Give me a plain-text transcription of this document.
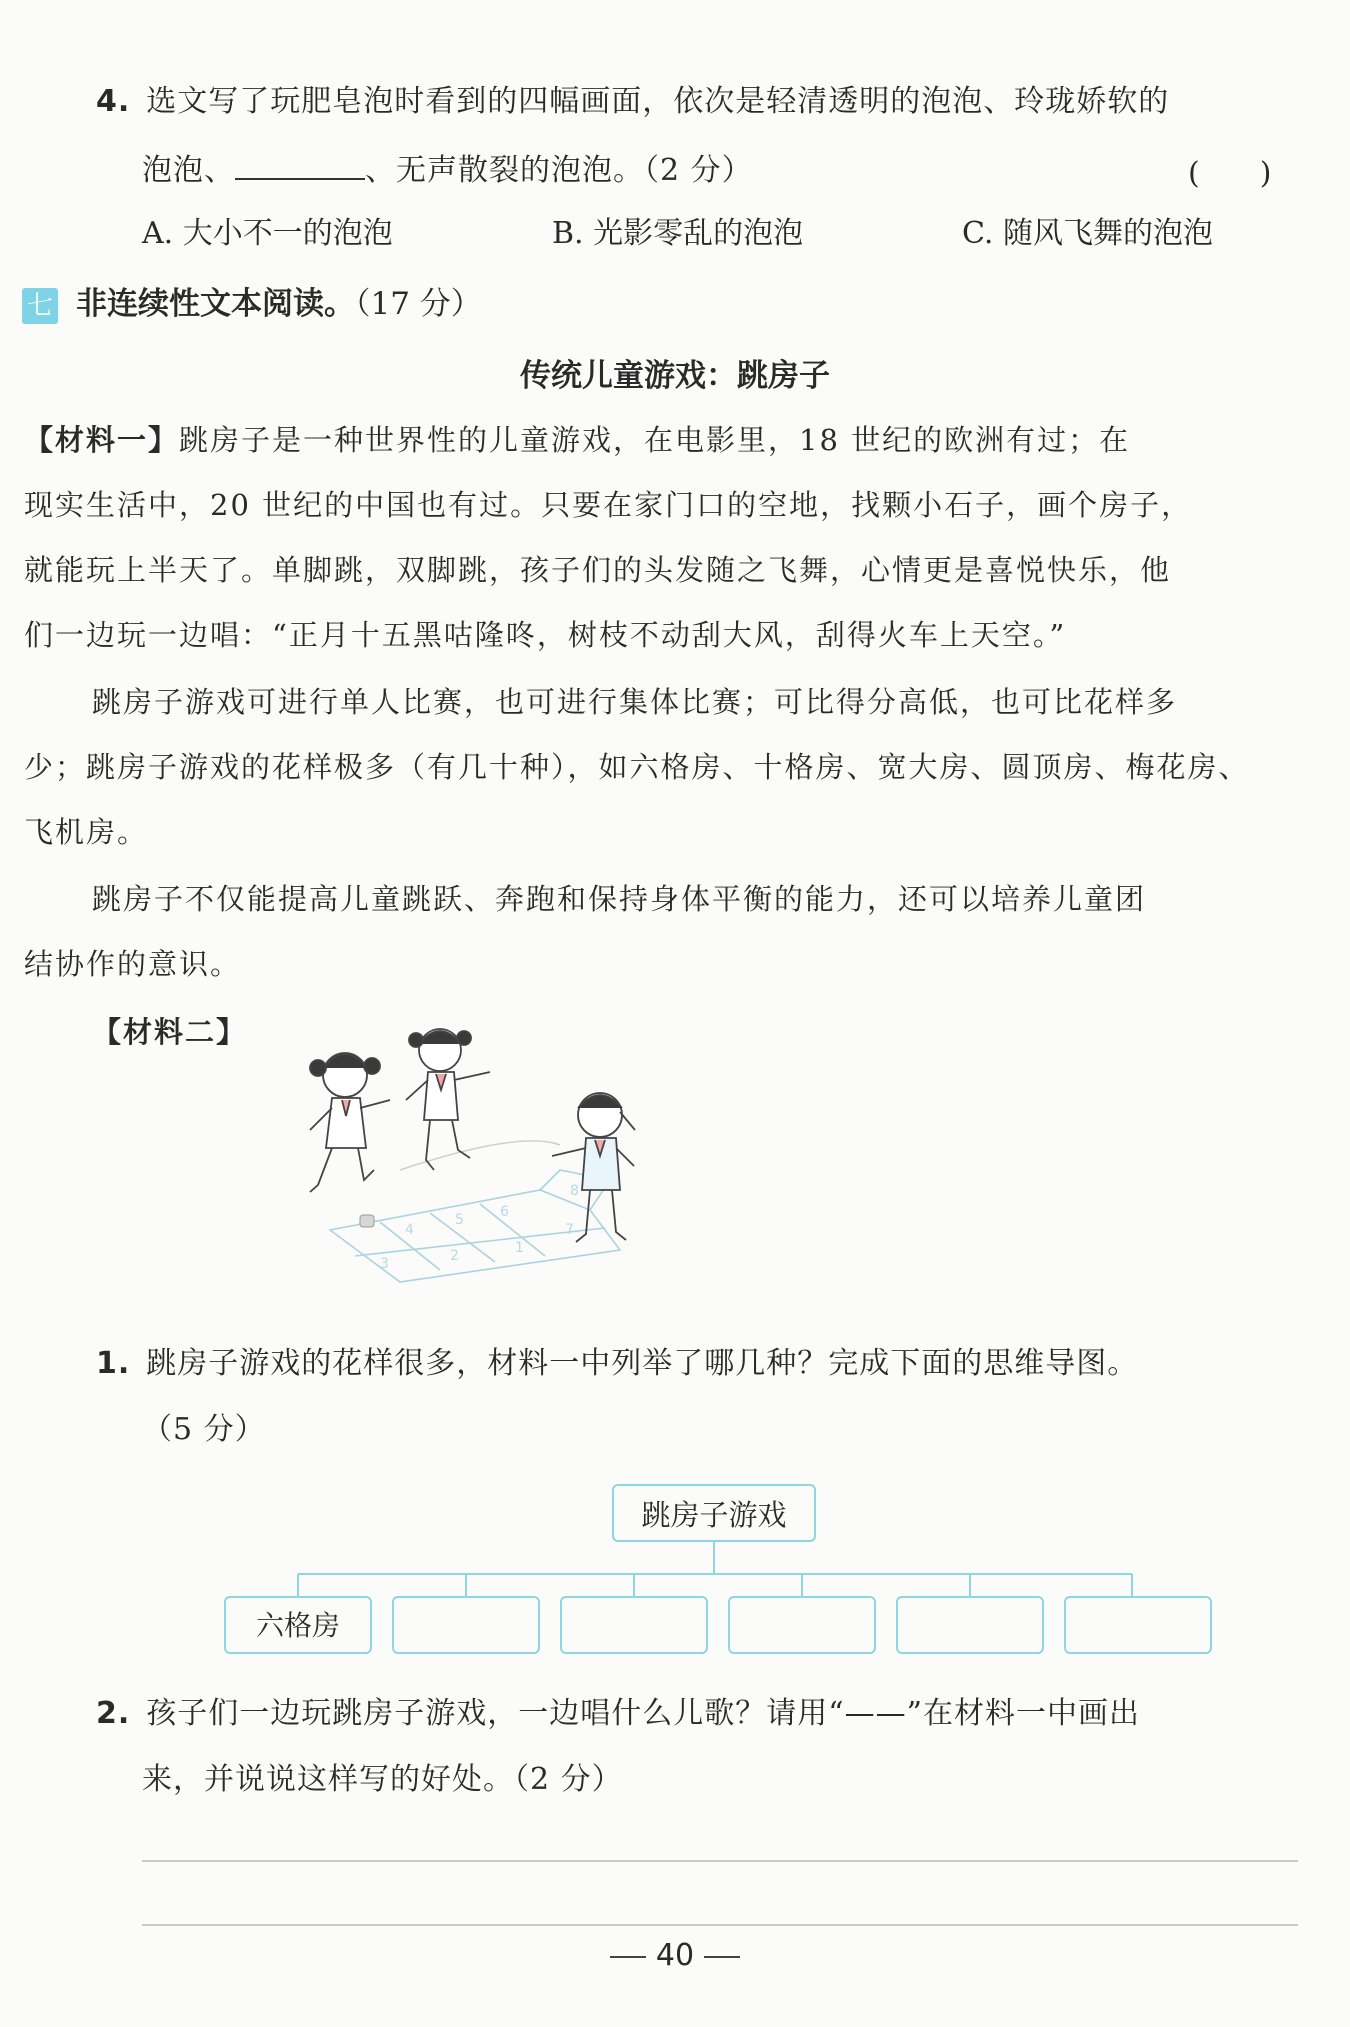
4. 选文写了玩肥皂泡时看到的四幅画面，依次是轻清透明的泡泡、玲珑娇软的
泡泡、	、无声散裂的泡泡。（2 分）	(　　)
A. 大小不一的泡泡	B. 光影零乱的泡泡	C. 随风飞舞的泡泡
七 非连续性文本阅读。（17 分）
传统儿童游戏：跳房子
【材料一】跳房子是一种世界性的儿童游戏，在电影里，18 世纪的欧洲有过；在
现实生活中，20 世纪的中国也有过。只要在家门口的空地，找颗小石子，画个房子，
就能玩上半天了。单脚跳，双脚跳，孩子们的头发随之飞舞，心情更是喜悦快乐，他
们一边玩一边唱：“正月十五黑咕隆咚，树枝不动刮大风，刮得火车上天空。”
跳房子游戏可进行单人比赛，也可进行集体比赛；可比得分高低，也可比花样多
少；跳房子游戏的花样极多（有几十种），如六格房、十格房、宽大房、圆顶房、梅花房、
飞机房。
跳房子不仅能提高儿童跳跃、奔跑和保持身体平衡的能力，还可以培养儿童团
结协作的意识。
【材料二】
4
5	6
3	2	1
7
8
1. 跳房子游戏的花样很多，材料一中列举了哪几种？完成下面的思维导图。
（5 分）
跳房子游戏
六格房
2. 孩子们一边玩跳房子游戏，一边唱什么儿歌？请用“——”在材料一中画出
来，并说说这样写的好处。（2 分）
40
